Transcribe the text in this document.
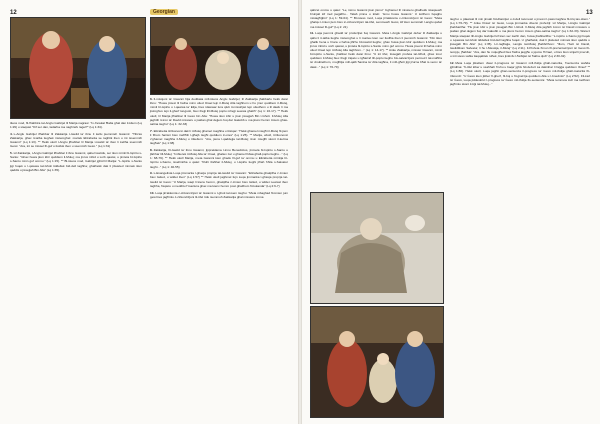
12	Georgian

titess mod, fil-fhabbira tal-Anglu Gabrijel lil Marija nagraw: "Ix-Xewkat Ɓalta ghal dan il-kliem (Lq 1:29) u staqsiet "Kif ser dan, ladarba ma naghrafx ragel?" (Lq 1:34).

4.L-Anglu Gabrijel ifhabbar lil Zakkarija t-twelid ta' ibnu li kellu jsemmieh Gwanni: "Tibzax Zakkarija, ghax it-talba tieghek instemghet: martek Elizabetta se taghtik iben u int issemmih Gwanni" (Lq 1:13). ** Hekk ukoll l-Anglu jfhabbar lil Marija t-twelid ta' iben li kellha ssemmih Gesù: "Ara, int se tnissel fil-guf u ikollok iben u ssemmih Gesù." (Lq 1:31)

5.Lil Zakkarija, l-Anglu Gabrijel ifhabbar li ibnu Gwanni, qabel twelidu, ser ikun mimli bl-Ispirtu s-Santu: "Ghax huwa jkun kbir quddiem il-Mulej; ma jixrux inbid u xorb qawwi, u jimtela bl-Ispirtu s-Santu minn guf ommu." (Lq 1:15). ** Bl-istess mod, Gabrijel jghid lil Marija: "L-Ispirtu s-Santu jigi fuqek u l-qawwa tal-Gholi tiddellek bid-dell taghha; ghalhekk dak li jitwieled minnek ikun qaddis u jissejjah Bin Alla" (Lq 1:35).

6.Il-missjoni ta' Gwanni hija dedikata mill-istess Anglu Gabrijel; lil Zakkarija jhabbarlu hekk dwar ibnu: "Huwa jmiexi lil hafna minn ulied Izrael lejn il-Mulej Alla taghhom u hu jmur quddiem il-Mulej, mimli bl-ispirtu u l-qawwa ta' Elija, biex idawwar lura qlub il-missirijiet lejn uliedhom u lil dawk li ma jisimghux lejn il-gherf tal-gusti, biex ihejji lill-Mulej poplu mhejji sewwa ghalih" (Lq 1: 16-17). ** Hekk ukoll, lil Marija jfhabbar lil Gesù bin Alla: "Huwa ikun kbir u jkun jissejjah Bin l-Gholi. Il-Mulej Alla jaghtih it-tron ta' David missieru u jsaltan ghal dejjem fuq dar Gakobb u ma jkunx hemm tmiem ghas-saltna tieghu" (Lq 1: 32-33)

7.Elizabetta tirrikonoxxi dak li l-Mulej ghamel maghha u ttistqar: "Hekk ghamel miegħi il-Mulej fil-jiem li fihom harisni biex ineħħili l-għajb tiegħi quddiem in-nies" (Lq 1:25). ** Marija, wkoll, tirrikonoxxi x'ghamel maghha il-Mulej u titkellem: "Ara, jiena l-qaddejja tal-Mulej; ikun miegħi skont il-kelma tiegħek" (Lq 1:38)

8.Zakkarija, fit-twelid ta' ibnu Gwanni, jippreklama l-innu Benedictus, jinmela bl-Ispirtu s-Santu u jfahhar lill-Mulej: "Imbierek il-Mulej Alla ta' Izrael, ghaliex zar u ghamel fidwa ghall-poplu tieghu..." (Lq 1: 68-79). ** Hekk ukoll Marija, meta Gwanni kien ghadu fil-guf ta' ommu u Elizabetta mimlija bl-Ispirtu s-Santu, issellmitha u qalet: "Ruhi tfahhar il-Mulej, u l-ispirtu tieghi jifrah f'Alla s-Salvatur tieghi..." (Lq 1: 46-55)

9.L-Evangelista Luqa jimmarka l-ghaxja proprja tat-twelid ta' Gwanni: "Elizabetta ghalqilha z-zmien biex twiled, u wildet iben" (Lq 1:57) ** Hekk ukoll jaghmel fejn Luqa jimmarka l-ghaxja proprja tat-twelid ta' Gesù: "U Marija, waqt li kienu hemm, ghalqilha z-zmien biex twiled, u wildet l-ewwel iben taghha, fisqietu u medditu f'maxtura ghax ma kienx hemm post ghalihom fil-lukanda" (Lq 2:6-7)

10.Luqa jirrakkonta c-cirkoncizjoni ta' Gwanni u l-ghoti tal-isem tieghu: "Meta mbaghad fit-tmien jum gew biex jagħmlu ċ-ċirkonċiżjoni lit-tifel ridu isemmuh Zakkarija ghal missieru imma

13

qabzet ommu u qalet: "Le, isimu Gwanni jkun jismu" Il-ghamel lil missieru ghalhekk istaqsewh b'sinjali kif ried jsejjaħlu... Talab pinna u kiteb: 'Ismu huwa Gwanni.' U kollhom bqaghu mistagħġbin" (Lq 1: 59-64). ** Bl-istess mod, Luqa jirrakkonta c-cirkoncizjoni ta' Gesù: "Meta ghalqu t-tmien jiem biex ic-cirkoncizjoni tat-tifel, semmewh Gesù, kif kien semmieh l-anglu qabel ma tnissel fil-guf" (Lq 2: 21)

11.Luqa jsemmi ghadd ta' profezijiet fuq Gwanni. Meta l-Anglu Gabrijel deher lil Zakkarija u qallu li it-talba tieghu instemghet u li marteu kien ser ikollha iben li jsemmih Gwanni: "Din tkun ghalik hena u hrara u hafna jifirhu bit-twelid tieghu; ghax huwa jkun kbir quddiem il-Mulej; ma jixrux inbid u xorb qawwi, u jimtela bl-Ispirtu s-Santu minn guf ommu. Huwa jmexxi lil hafna minn ulied Izrael lejn il-Mulej Alla taghhom..." (Lq 1: 14-17). ** Anke Zakkarija, missier Gwanni, mimli bl-Ispirtu s-Santu, jhabbar hekk dwar ibnu: "U int tifel, tissejjah profeta tal-Għoli, ghax tmur quddiem il-Mulej biex thejji triqatu u tgħarraf lill-poplu tieghu bis-salvazzjoni permezz tal-maħfra ta' dnubiethom, mogħtija mill-qalb ħanina ta' Alla tagħna, li mill-għoli jiġi jżurna bħal ix-xemx ta' dawl..." (Lq 1: 76-79)

tieghu: u jdawwal lil min jinsab fid-dlamijiet u d-dell tal-mewt u jmexxi l-passi taghna fit-triq tas-sliem." (Lq 1:76-79). ** Anke fil-kaz ta' Gesù, Luqa jimmarka diversi profeziji: Lil Marija, l-Anglu Gabrijel jhabbarilha: "Hu jkun kbir u jkun jissejjah Bin l-Gholi. Il-Mulej Alla jaghtih it-tron ta' David missieru u jsaltan ghal dejjem fuq dar Gakobb u ma jkunx hemm tmiem ghas-saltna tieghu" (Lq 1:32-33). Wara li Marija staqsiet lill-Anglu Gabrijel kif kien ser isehh dan, huwa jhabbarilha: "L-Ispirtu s-Santu jigi fuqek u l-qawwa tal-Gholi tiddellek bid-dell taghha fuqek. U ghalhekk, dak li jitwieled minnek ikun qaddis u jissejjah Bin Alla" (Lq 1:35). Lir-ragħajja, l-anglu tal-Mulej jħabbrilhom: "Illum, f'belt ta' David, twelidilkom Salvatur, li hu l-Messija, il-Mulej" (Lq 2:11). Il-Profeta Xmun fil-preżentazzjoni ta' Gesù fit-tempju, jħabbar: "Ara, dan hu mqiegħed biex ħafna jaqgħu u jqumu f'Iżrael, u biex ikun sinjal li jmeruh, u inti stess xabla ttaqqablek ruħek, biex jinkixfu l-ħsibijiet ta' ħafna qlub" (Lq 2:30-32)

12.Meta Luqa jitkellem dwar il-progress ta' Gwanni mill-tfulija ghall-maturita, f'sentenza wahda jghidilna: "It-tifel kiber u ssahhah f'ruhu u baqa' jghix fid-deżert sa dakinhar li faġġa quddiem Iżrael" ** (Lq 1:80). Hekk ukoll, Luqa jaghti ghan-sentenza il-progress ta' Gesù mit-tfulija ghall-maturità fit-riferenzi: "U Ġesù kien jikber fl-gherf, fil-boj u fil-grazzja quddiem Alla u l-bnedmin" (Lq 2:52). Fil-każ ta' Ġesù, Luqa jiddeskrivi l-progress ta' Ġesù mit-tfulija fis-sentenza: "Meta temmew kull ma kellhom jagħmlu skont il-liġi tal-Mulej..."
